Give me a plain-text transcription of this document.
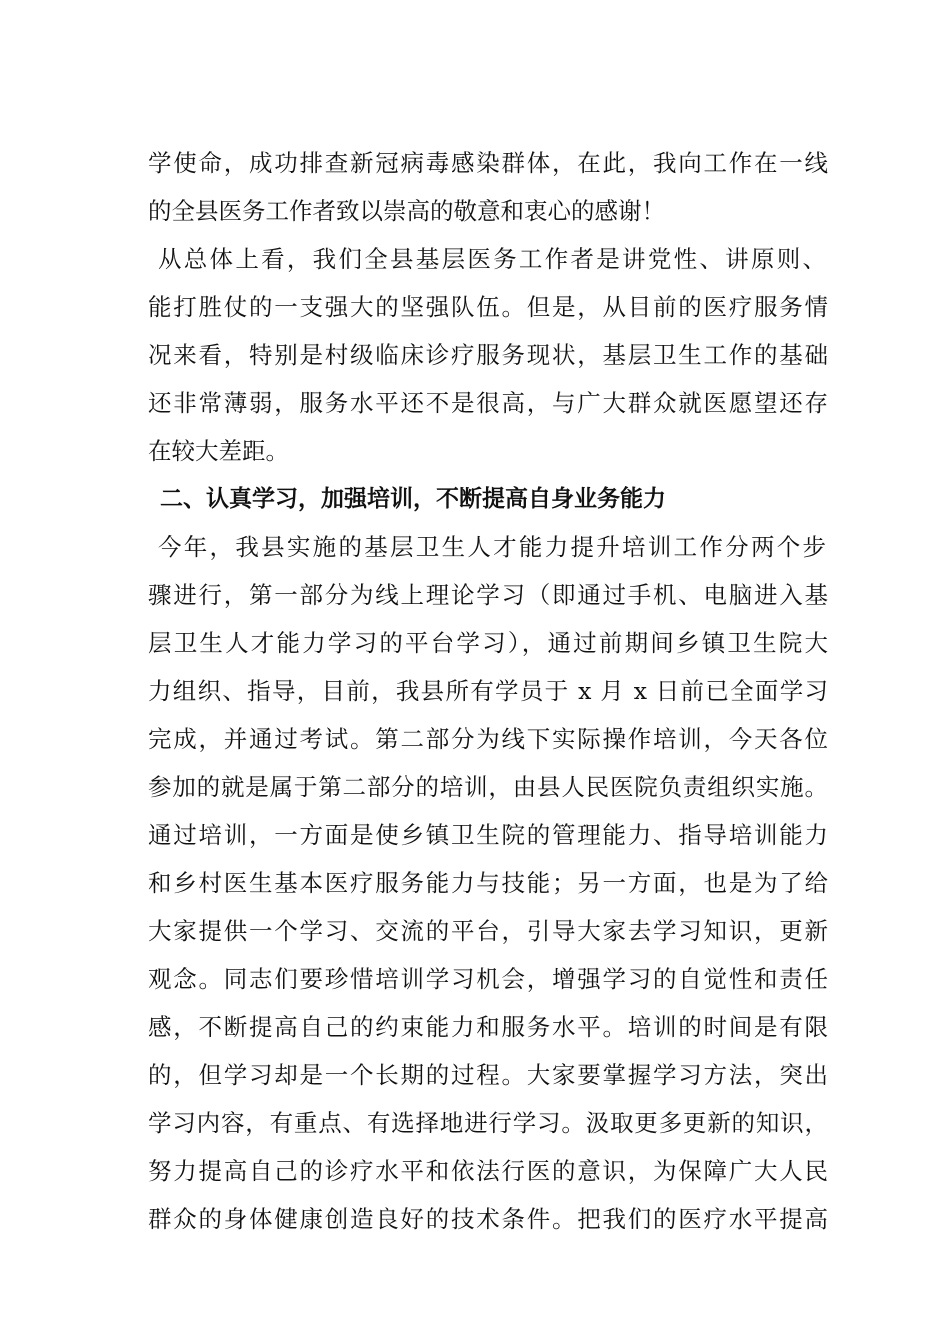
学使命，成功排查新冠病毒感染群体，在此，我向工作在一线
的全县医务工作者致以崇高的敬意和衷心的感谢！
从总体上看，我们全县基层医务工作者是讲党性、讲原则、
能打胜仗的一支强大的坚强队伍。但是，从目前的医疗服务情
况来看，特别是村级临床诊疗服务现状，基层卫生工作的基础
还非常薄弱，服务水平还不是很高，与广大群众就医愿望还存
在较大差距。
二、认真学习，加强培训，不断提高自身业务能力
今年，我县实施的基层卫生人才能力提升培训工作分两个步
骤进行，第一部分为线上理论学习（即通过手机、电脑进入基
层卫生人才能力学习的平台学习），通过前期间乡镇卫生院大
力组织、指导，目前，我县所有学员于 x 月 x 日前已全面学习
完成，并通过考试。第二部分为线下实际操作培训，今天各位
参加的就是属于第二部分的培训，由县人民医院负责组织实施。
通过培训，一方面是使乡镇卫生院的管理能力、指导培训能力
和乡村医生基本医疗服务能力与技能；另一方面，也是为了给
大家提供一个学习、交流的平台，引导大家去学习知识，更新
观念。同志们要珍惜培训学习机会，增强学习的自觉性和责任
感，不断提高自己的约束能力和服务水平。培训的时间是有限
的，但学习却是一个长期的过程。大家要掌握学习方法，突出
学习内容，有重点、有选择地进行学习。汲取更多更新的知识，
努力提高自己的诊疗水平和依法行医的意识，为保障广大人民
群众的身体健康创造良好的技术条件。把我们的医疗水平提高
